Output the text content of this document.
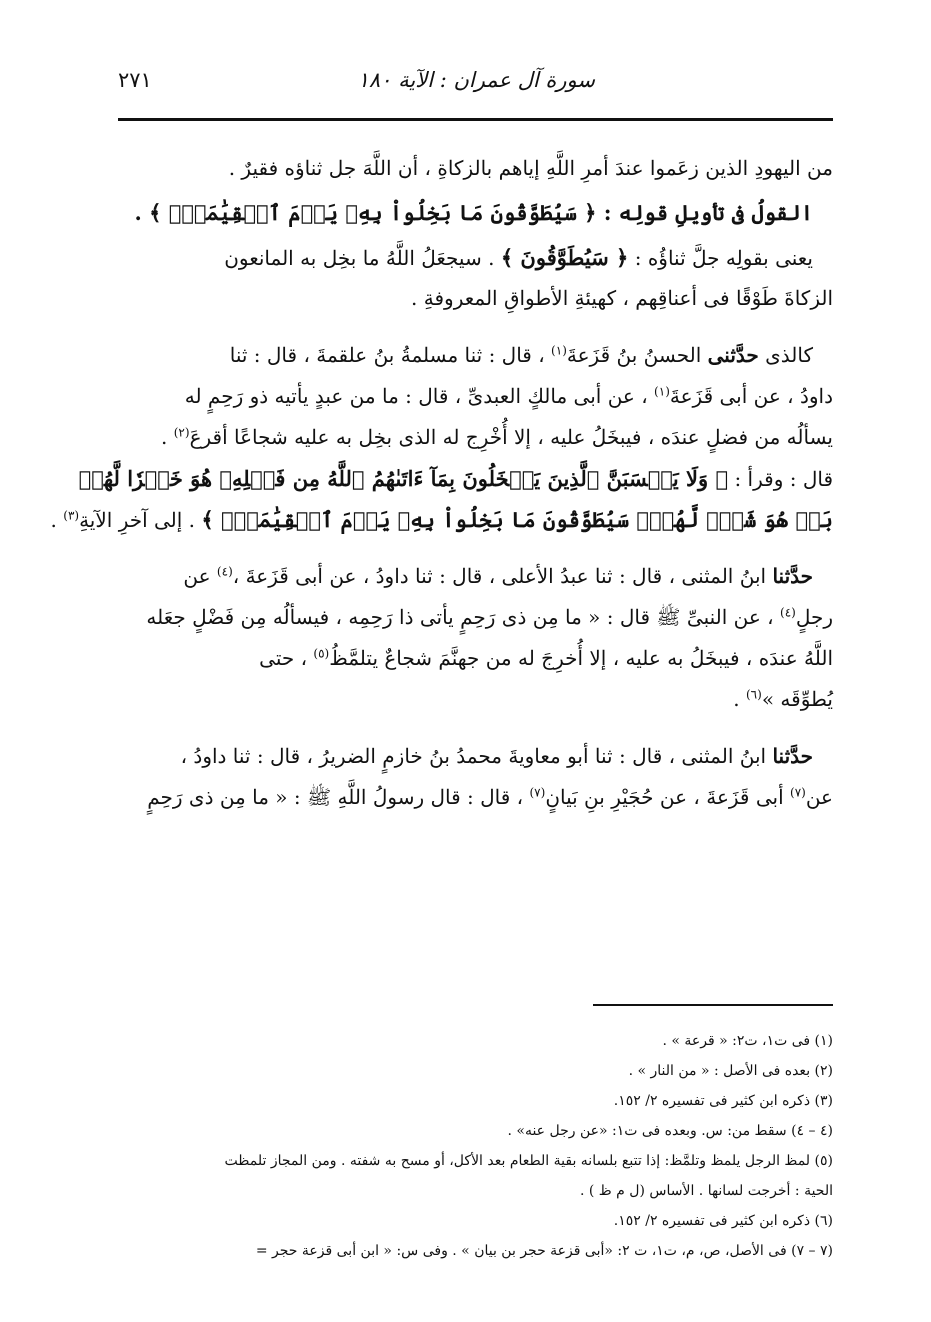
سورة آل عمران : الآية ١٨٠
٢٧١
من اليهودِ الذين زعَموا عندَ أمرِ اللَّهِ إياهم بالزكاةِ ، أن اللَّهَ جل ثناؤه فقيرٌ .
القولُ فى تأويلِ قولِه : ﴿ سَيُطَوَّقُونَ مَا بَخِلُواْ بِهِۦ يَوۡمَ ٱلۡقِيَٰمَةِۗ ﴾ .
يعنى بقولِه جلَّ ثناؤُه : ﴿ سَيُطَوَّقُونَ ﴾ . سيجعَلُ اللَّهُ ما بخِل به المانعون
الزكاةَ طَوْقًا فى أعناقِهم ، كهيئةِ الأطواقِ المعروفةِ .
كالذى حدَّثنى الحسنُ بنُ قَزَعةَ$^{(١)}$ ، قال : ثنا مسلمةُ بنُ علقمةَ ، قال : ثنا
داودُ ، عن أبى قَزَعةَ$^{(١)}$ ، عن أبى مالكٍ العبدىِّ ، قال : ما من عبدٍ يأتيه ذو رَحِمٍ له
يسألُه من فضلٍ عندَه ، فيبخَلُ عليه ، إلا أُخْرِج له الذى بخِل به عليه شجاعًا أقرعَ$^{(٢)}$ .
قال : وقرأ : ﴿ وَلَا يَحۡسَبَنَّ ٱلَّذِينَ يَبۡخَلُونَ بِمَآ ءَاتَىٰهُمُ ٱللَّهُ مِن فَضۡلِهِۦ هُوَ خَيۡرٗا لَّهُمۖ
بَلۡ هُوَ شَرّٞ لَّهُمۡۖ سَيُطَوَّقُونَ مَا بَخِلُواْ بِهِۦ يَوۡمَ ٱلۡقِيَٰمَةِۗ ﴾ . إلى آخرِ الآيةِ$^{(٣)}$ .
حدَّثنا ابنُ المثنى ، قال : ثنا عبدُ الأعلى ، قال : ثنا داودُ ، عن أبى قَزَعةَ ،$^{(٤)}$ عن
رجلٍ$^{(٤)}$ ، عن النبىِّ ﷺ قال : « ما مِن ذى رَحِمٍ يأتى ذا رَحِمِه ، فيسألُه مِن فَضْلٍ جعَله
اللَّهُ عندَه ، فيبخَلُ به عليه ، إلا أُخرِجَ له من جهنَّمَ شجاعٌ يتلمَّظُ$^{(٥)}$ ، حتى
يُطوِّقَه »$^{(٦)}$ .
حدَّثنا ابنُ المثنى ، قال : ثنا أبو معاويةَ محمدُ بنُ خازمٍ الضريرُ ، قال : ثنا داودُ ،
عن$^{(٧)}$ أبى قَزَعةَ ، عن حُجَيْرِ بنِ بَيانٍ$^{(٧)}$ ، قال : قال رسولُ اللَّهِ ﷺ : « ما مِن ذى رَحِمٍ
(١) فى ت١، ت٢: « قرعة » .
(٢) بعده فى الأصل : « من النار » .
(٣) ذكره ابن كثير فى تفسيره ٢/ ١٥٢.
(٤ – ٤) سقط من: س. وبعده فى ت١: «عن رجل عنه» .
(٥) لمظ الرجل يلمظ وتلمَّظ: إذا تتبع بلسانه بقية الطعام بعد الأكل، أو مسح به شفته . ومن المجاز تلمظت
الحية : أخرجت لسانها . الأساس (ل م ظ ) .
(٦) ذكره ابن كثير فى تفسيره ٢/ ١٥٢.
(٧ – ٧) فى الأصل، ص، م، ت١، ت ٢: «أبى قزعة حجر بن بيان » . وفى س: « ابن أبى قزعة حجر =
